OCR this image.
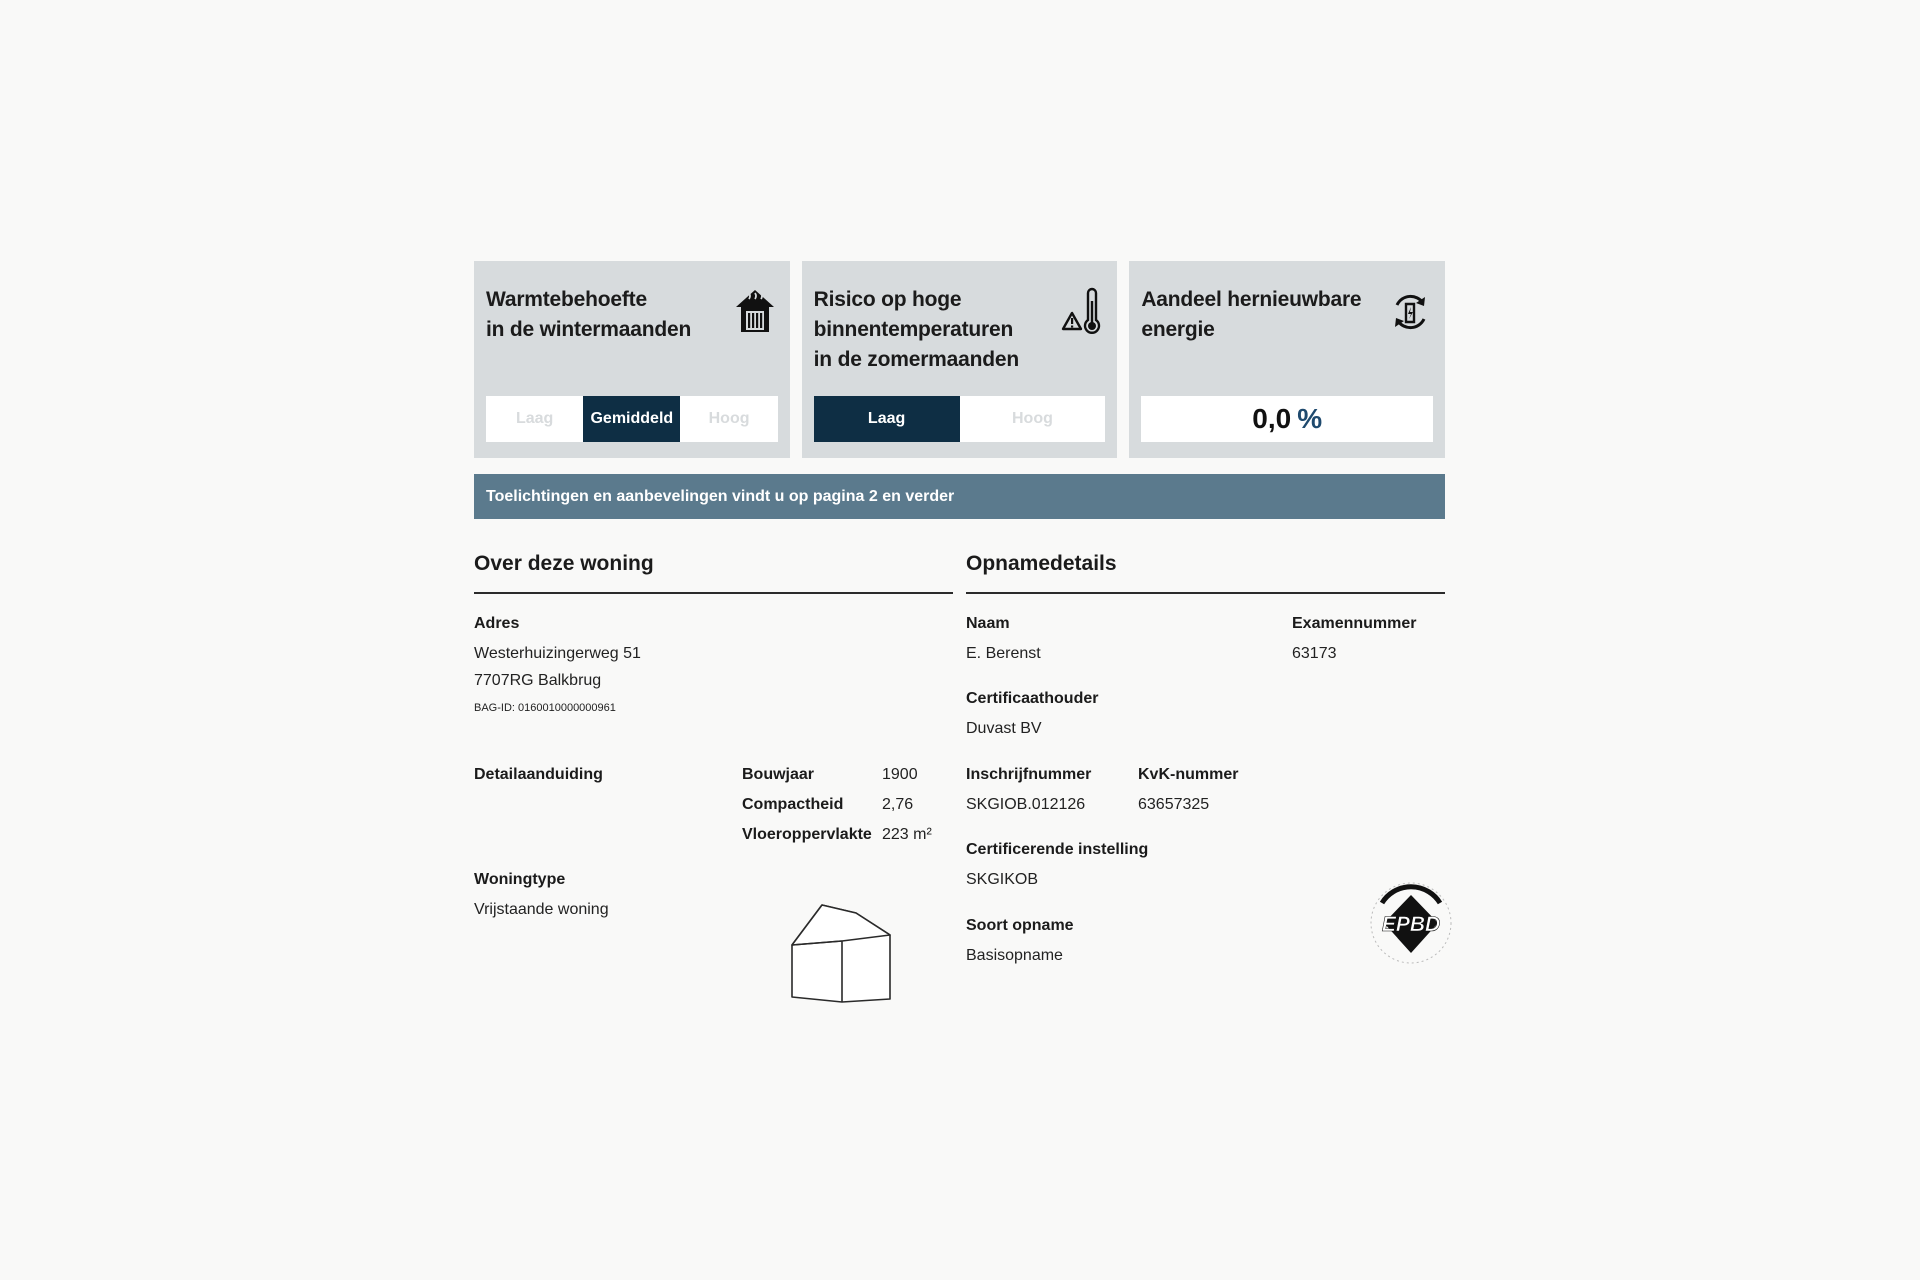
Warmtebehoefte
in de wintermaanden
Laag	Gemiddeld	Hoog
Risico op hoge
binnentemperaturen
in de zomermaanden
Laag	Hoog
Aandeel hernieuwbare
energie
0,0 %
Toelichtingen en aanbevelingen vindt u op pagina 2 en verder
Over deze woning
Adres
Westerhuizingerweg 51
7707RG Balkbrug
BAG-ID: 0160010000000961
Detailaanduiding	Bouwjaar	1900
Compactheid 2,76
Vloeroppervlakte 223 m²
Woningtype
Vrijstaande woning
Opnamedetails
Naam
E. Berenst
Examennummer
63173
Certificaathouder
Duvast BV
Inschrijfnummer
SKGIOB.012126
KvK-nummer
63657325
Certificerende instelling
SKGIKOB
Soort opname
Basisopname
EPBD
